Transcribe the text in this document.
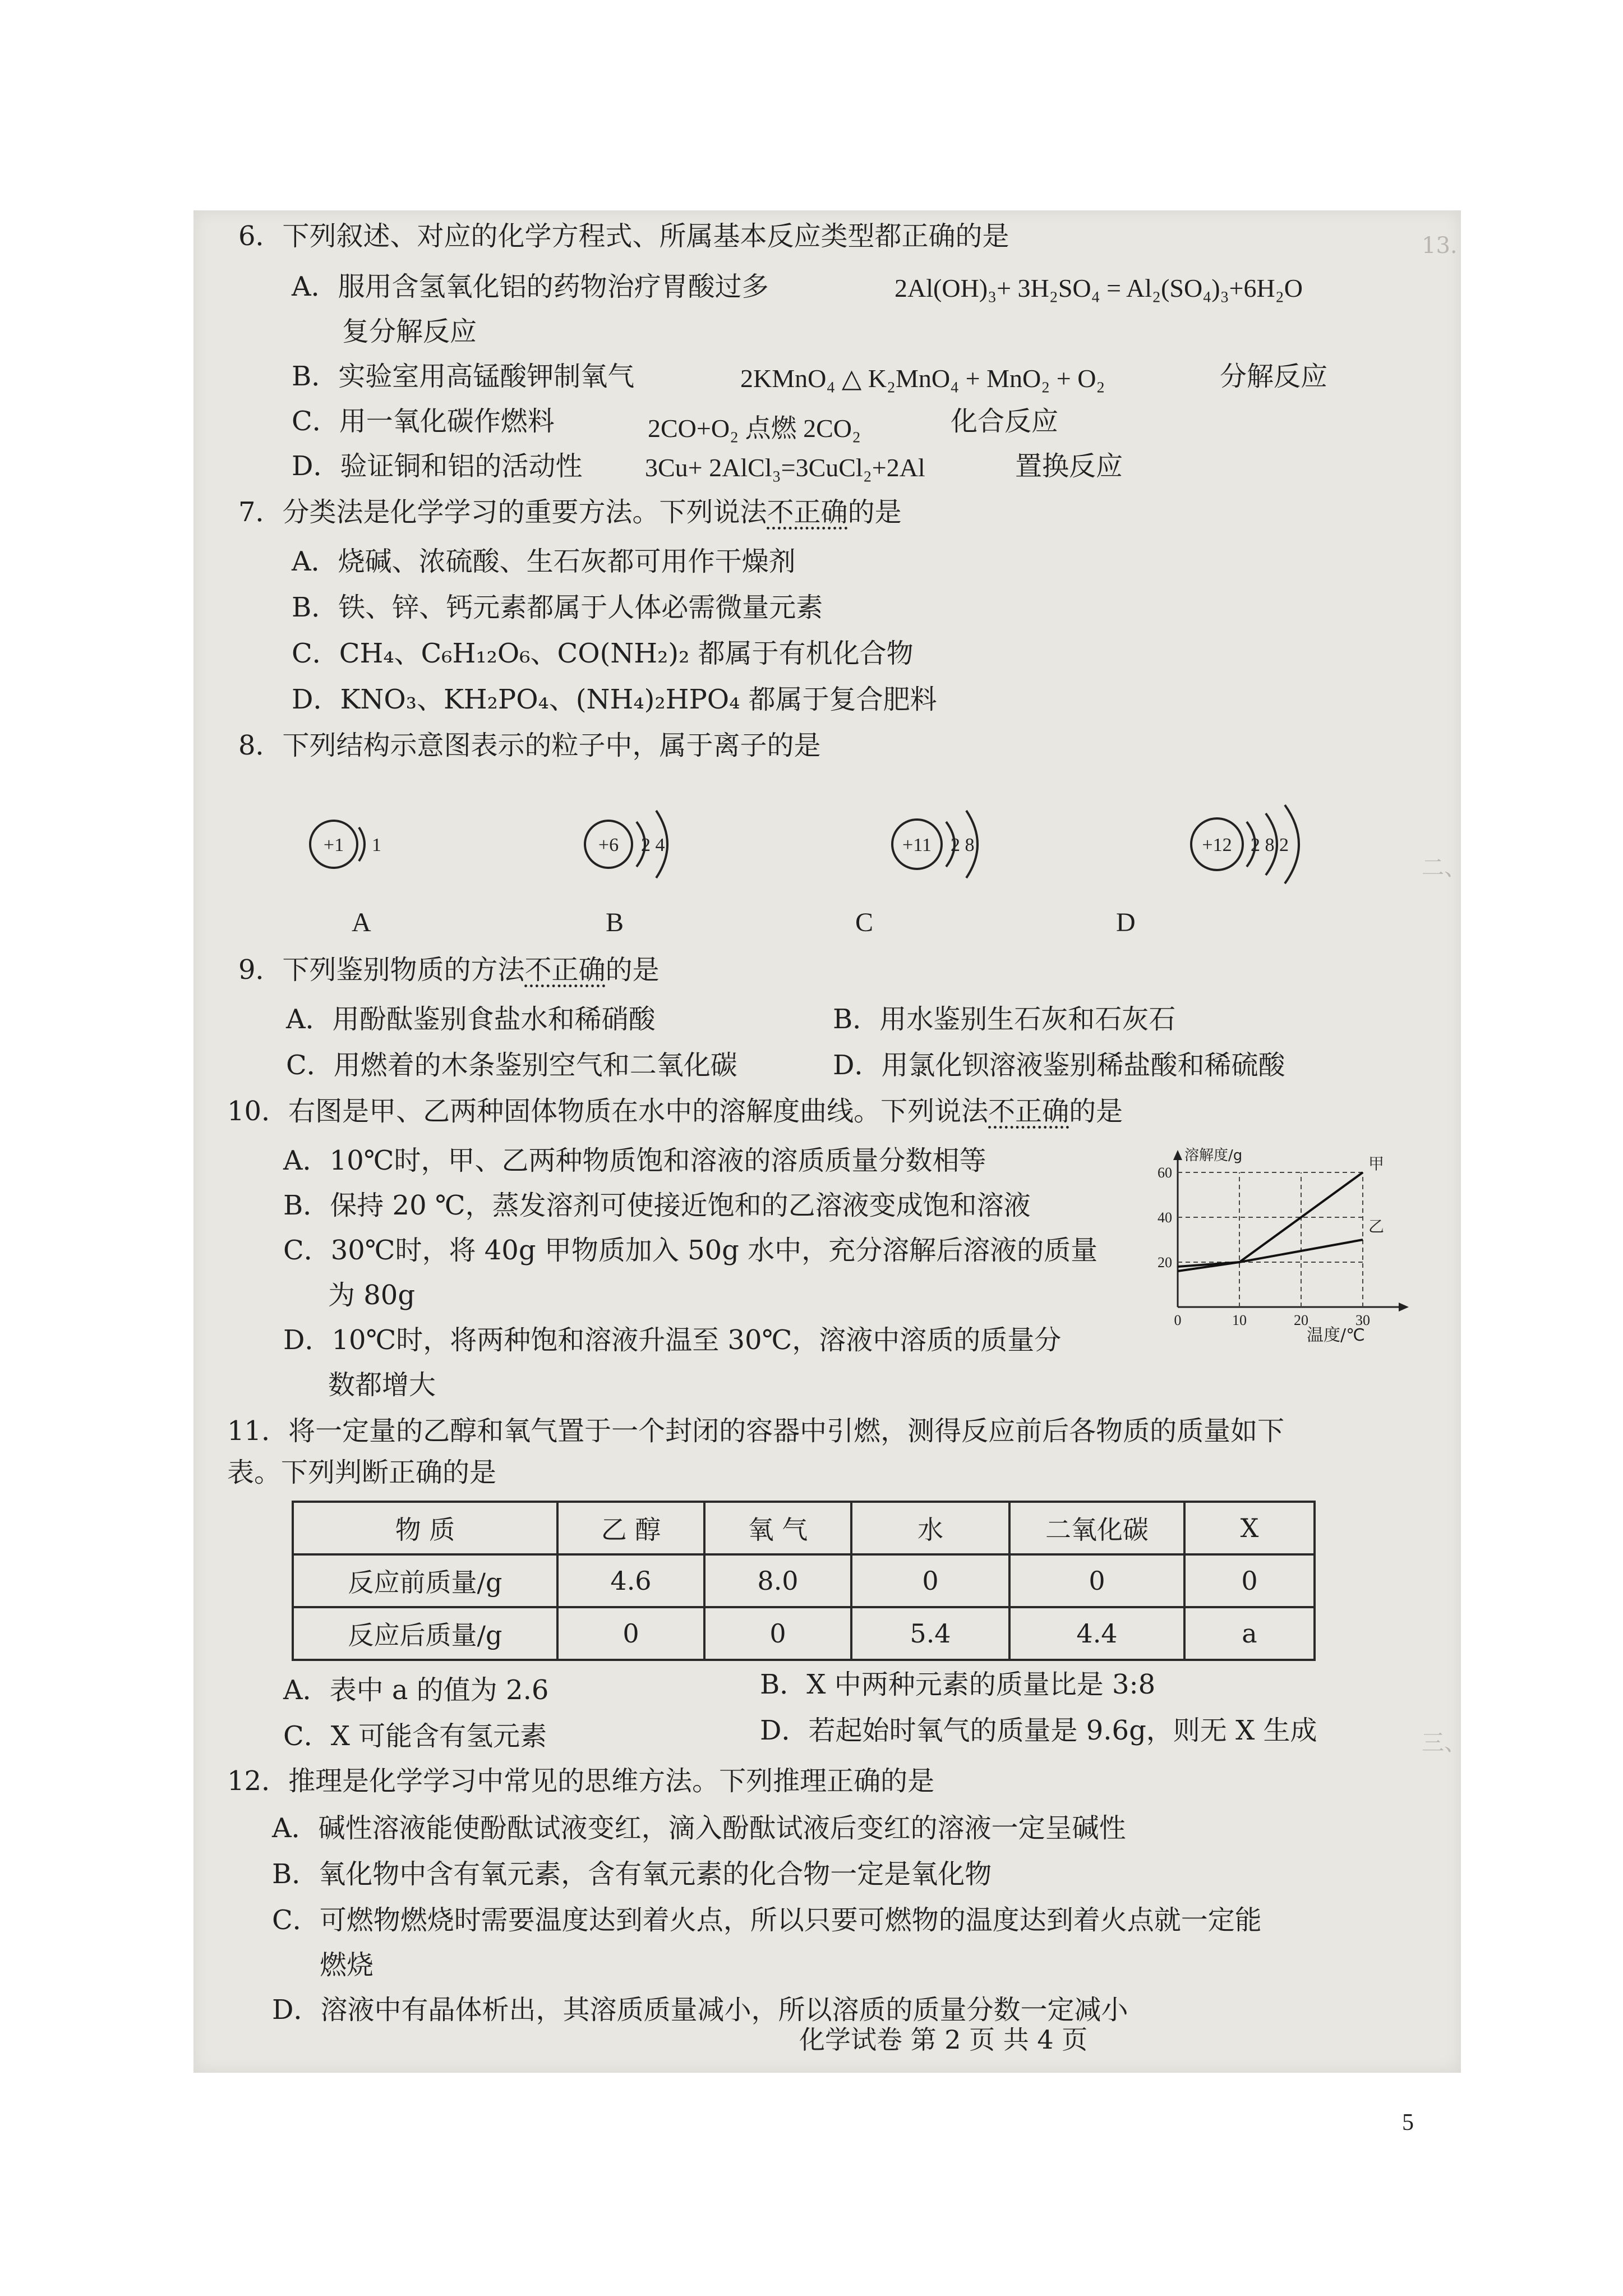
13.
二、
三、
6．下列叙述、对应的化学方程式、所属基本反应类型都正确的是
A．服用含氢氧化铝的药物治疗胃酸过多	2Al(OH)₃+ 3H₂SO₄ = Al₂(SO₄)₃+6H₂O
复分解反应
B．实验室用高锰酸钾制氧气	2KMnO₄ △ K₂MnO₄ + MnO₂ + O₂	分解反应
C．用一氧化碳作燃料	2CO+O₂ 点燃 2CO₂	化合反应
D．验证铜和铝的活动性 3Cu+ 2AlCl₃=3CuCl₂+2Al	置换反应
7．分类法是化学学习的重要方法。下列说法不正确的是
A．烧碱、浓硫酸、生石灰都可用作干燥剂
B．铁、锌、钙元素都属于人体必需微量元素
C．CH₄、C₆H₁₂O₆、CO(NH₂)₂ 都属于有机化合物
D．KNO₃、KH₂PO₄、(NH₄)₂HPO₄ 都属于复合肥料
8．下列结构示意图表示的粒子中，属于离子的是
+1 1	+6 2 4	+11 2 8	+12 2 8 2
A	B	C	D
9．下列鉴别物质的方法不正确的是
A．用酚酞鉴别食盐水和稀硝酸	B．用水鉴别生石灰和石灰石
C．用燃着的木条鉴别空气和二氧化碳	D．用氯化钡溶液鉴别稀盐酸和稀硫酸
10．右图是甲、乙两种固体物质在水中的溶解度曲线。下列说法不正确的是
A．10℃时，甲、乙两种物质饱和溶液的溶质质量分数相等
B．保持 20 ℃，蒸发溶剂可使接近饱和的乙溶液变成饱和溶液
C．30℃时，将 40g 甲物质加入 50g 水中，充分溶解后溶液的质量
为 80g
D．10℃时，将两种饱和溶液升温至 30℃，溶液中溶质的质量分
数都增大
溶解度/g
0	10	20	30
20
40
60	甲
乙
温度/℃
11．将一定量的乙醇和氧气置于一个封闭的容器中引燃，测得反应前后各物质的质量如下
表。下列判断正确的是
物 质	乙 醇	氧 气	水	二氧化碳	X
反应前质量/g	4.6	8.0	0	0	0
反应后质量/g	0	0	5.4	4.4	a
A．表中 a 的值为 2.6	B．X 中两种元素的质量比是 3:8
C．X 可能含有氢元素	D．若起始时氧气的质量是 9.6g，则无 X 生成
12．推理是化学学习中常见的思维方法。下列推理正确的是
A．碱性溶液能使酚酞试液变红，滴入酚酞试液后变红的溶液一定呈碱性
B．氧化物中含有氧元素，含有氧元素的化合物一定是氧化物
C．可燃物燃烧时需要温度达到着火点，所以只要可燃物的温度达到着火点就一定能
燃烧
D．溶液中有晶体析出，其溶质质量减小，所以溶质的质量分数一定减小
化学试卷 第 2 页 共 4 页
5
